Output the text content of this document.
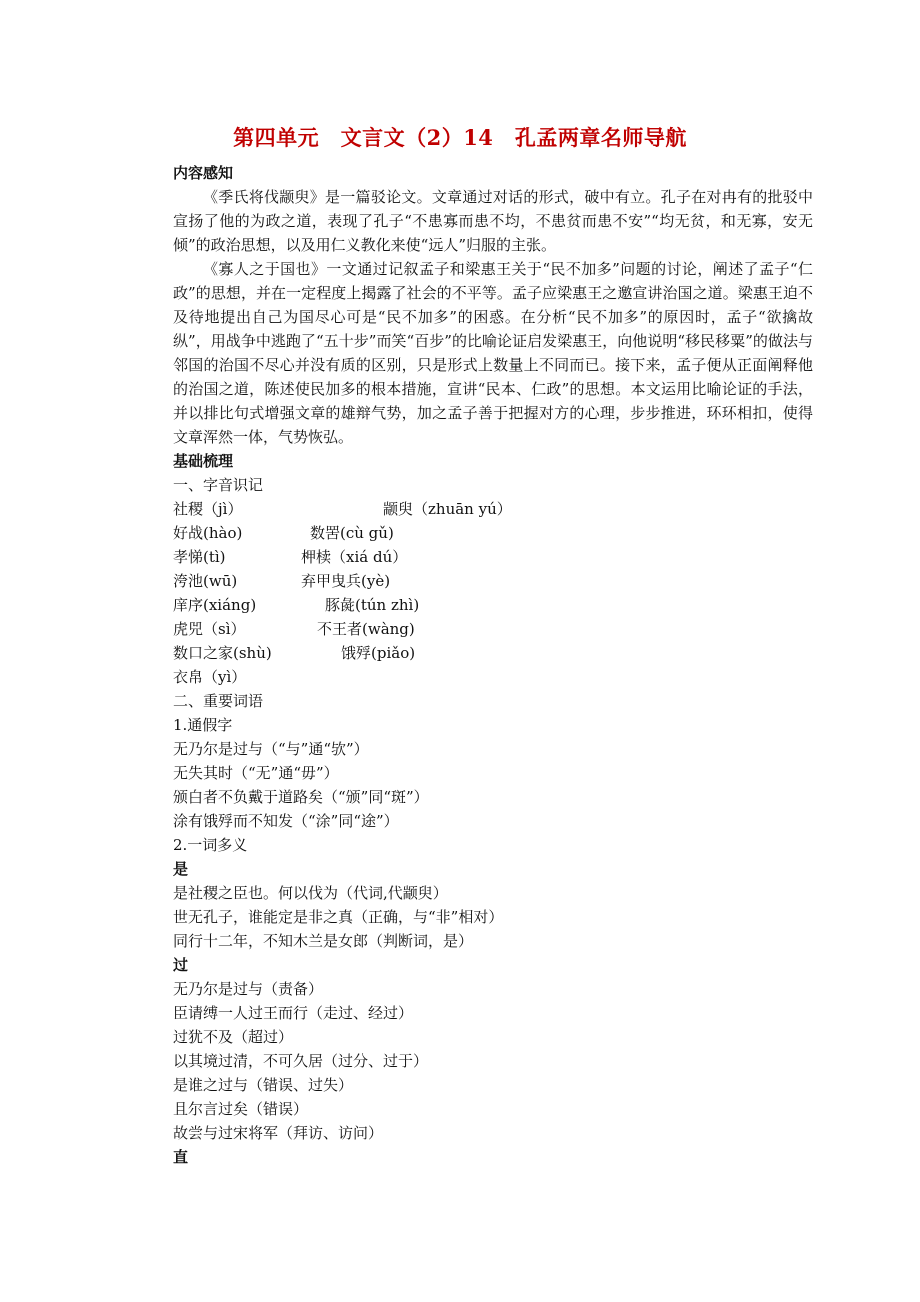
第四单元　文言文（2）14　孔孟两章名师导航
内容感知

《季氏将伐颛臾》是一篇驳论文。文章通过对话的形式，破中有立。孔子在对冉有的批驳中宣扬了他的为政之道，表现了孔子“不患寡而患不均，不患贫而患不安”“均无贫，和无寡，安无倾”的政治思想，以及用仁义教化来使“远人”归服的主张。

《寡人之于国也》一文通过记叙孟子和梁惠王关于“民不加多”问题的讨论，阐述了孟子“仁政”的思想，并在一定程度上揭露了社会的不平等。孟子应梁惠王之邀宣讲治国之道。梁惠王迫不及待地提出自己为国尽心可是“民不加多”的困惑。在分析“民不加多”的原因时，孟子“欲擒故纵”，用战争中逃跑了“五十步”而笑“百步”的比喻论证启发梁惠王，向他说明“移民移粟”的做法与邻国的治国不尽心并没有质的区别，只是形式上数量上不同而已。接下来，孟子便从正面阐释他的治国之道，陈述使民加多的根本措施，宣讲“民本、仁政”的思想。本文运用比喻论证的手法，并以排比句式增强文章的雄辩气势，加之孟子善于把握对方的心理，步步推进，环环相扣，使得文章浑然一体，气势恢弘。

基础梳理
一、字音识记
社稷（jì）	颛臾（zhuān yú）
好战(hào)	数罟(cù gǔ)
孝悌(tì)	柙椟（xiá dú）
洿池(wū)	弃甲曳兵(yè)
庠序(xiáng)	豚彘(tún zhì)
虎兕（sì）	不王者(wàng)
数口之家(shù)	饿殍(piǎo)
衣帛（yì）
二、重要词语
1.通假字
无乃尔是过与（“与”通“欤”）
无失其时（“无”通“毋”）
颁白者不负戴于道路矣（“颁”同“斑”）
涂有饿殍而不知发（“涂”同“途”）
2.一词多义
是
是社稷之臣也。何以伐为（代词,代颛臾）
世无孔子，谁能定是非之真（正确，与“非”相对）
同行十二年，不知木兰是女郎（判断词，是）
过
无乃尔是过与（责备）
臣请缚一人过王而行（走过、经过）
过犹不及（超过）
以其境过清，不可久居（过分、过于）
是谁之过与（错误、过失）
且尔言过矣（错误）
故尝与过宋将军（拜访、访问）
直
